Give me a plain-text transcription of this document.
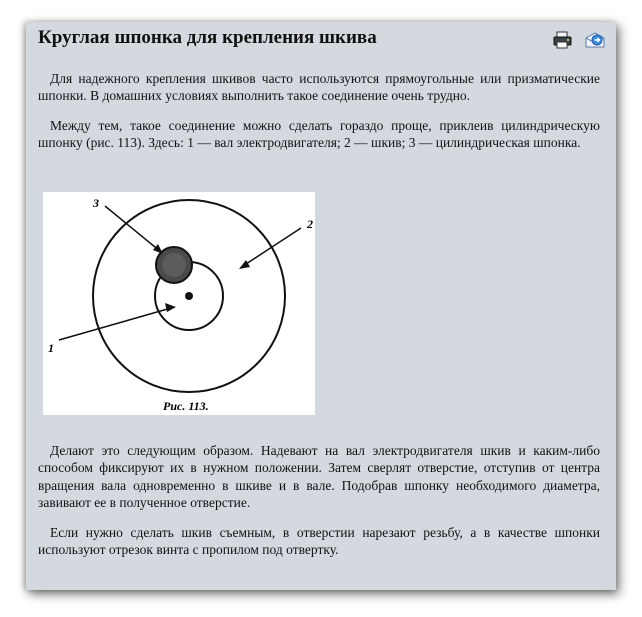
Круглая шпонка для крепления шкива

Для надежного крепления шкивов часто используются прямоугольные или призматические шпонки. В домашних условиях выполнить такое соединение очень трудно.

Между тем, такое соединение можно сделать гораздо проще, приклеив цилиндрическую шпонку (рис. 113). Здесь: 1 — вал электродвигателя; 2 — шкив; 3 — цилиндрическая шпонка.

3
2
1
Рис. 113.

Делают это следующим образом. Надевают на вал электродвигателя шкив и каким-либо способом фиксируют их в нужном положении. Затем сверлят отверстие, отступив от центра вращения вала одновременно в шкиве и в вале. Подобрав шпонку необходимого диаметра, завивают ее в полученное отверстие.

Если нужно сделать шкив съемным, в отверстии нарезают резьбу, а в качестве шпонки используют отрезок винта с пропилом под отвертку.
